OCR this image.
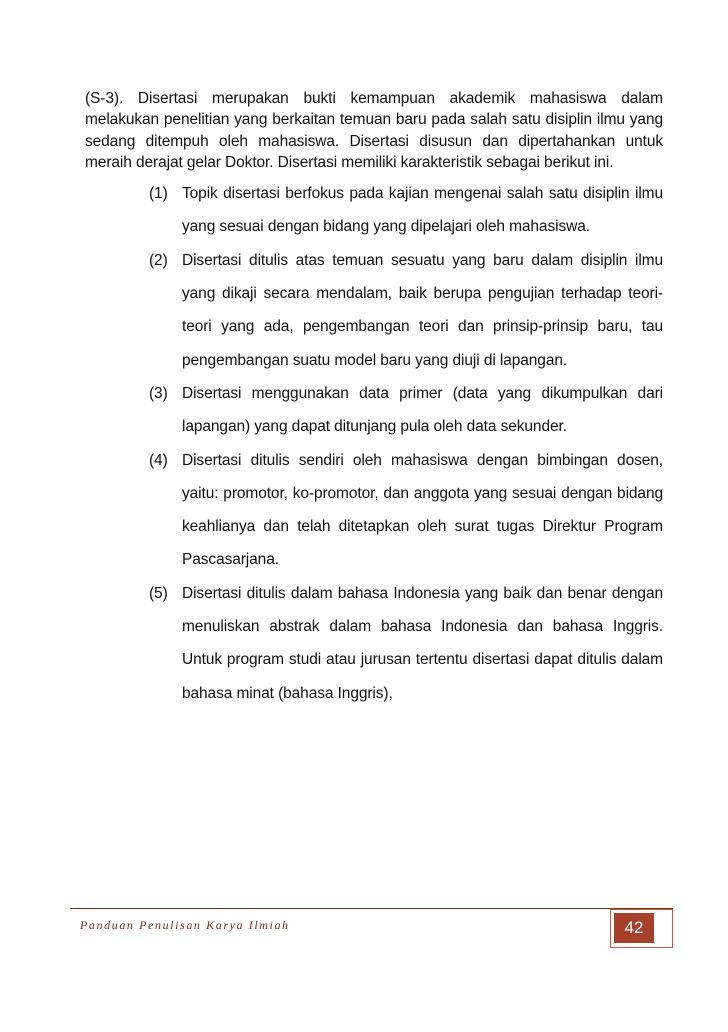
(S-3). Disertasi merupakan bukti kemampuan akademik mahasiswa dalam melakukan penelitian yang berkaitan temuan baru pada salah satu disiplin ilmu yang sedang ditempuh oleh mahasiswa. Disertasi disusun dan dipertahankan untuk meraih derajat gelar Doktor. Disertasi memiliki karakteristik sebagai berikut ini.

(1) Topik disertasi berfokus pada kajian mengenai salah satu disiplin ilmu yang sesuai dengan bidang yang dipelajari oleh mahasiswa.
(2) Disertasi ditulis atas temuan sesuatu yang baru dalam disiplin ilmu yang dikaji secara mendalam, baik berupa pengujian terhadap teori-teori yang ada, pengembangan teori dan prinsip-prinsip baru, tau pengembangan suatu model baru yang diuji di lapangan.
(3) Disertasi menggunakan data primer (data yang dikumpulkan dari lapangan) yang dapat ditunjang pula oleh data sekunder.
(4) Disertasi ditulis sendiri oleh mahasiswa dengan bimbingan dosen, yaitu: promotor, ko-promotor, dan anggota yang sesuai dengan bidang keahlianya dan telah ditetapkan oleh surat tugas Direktur Program Pascasarjana.
(5) Disertasi ditulis dalam bahasa Indonesia yang baik dan benar dengan menuliskan abstrak dalam bahasa Indonesia dan bahasa Inggris. Untuk program studi atau jurusan tertentu disertasi dapat ditulis dalam bahasa minat (bahasa Inggris),
Panduan Penulisan Karya Ilmiah	42
